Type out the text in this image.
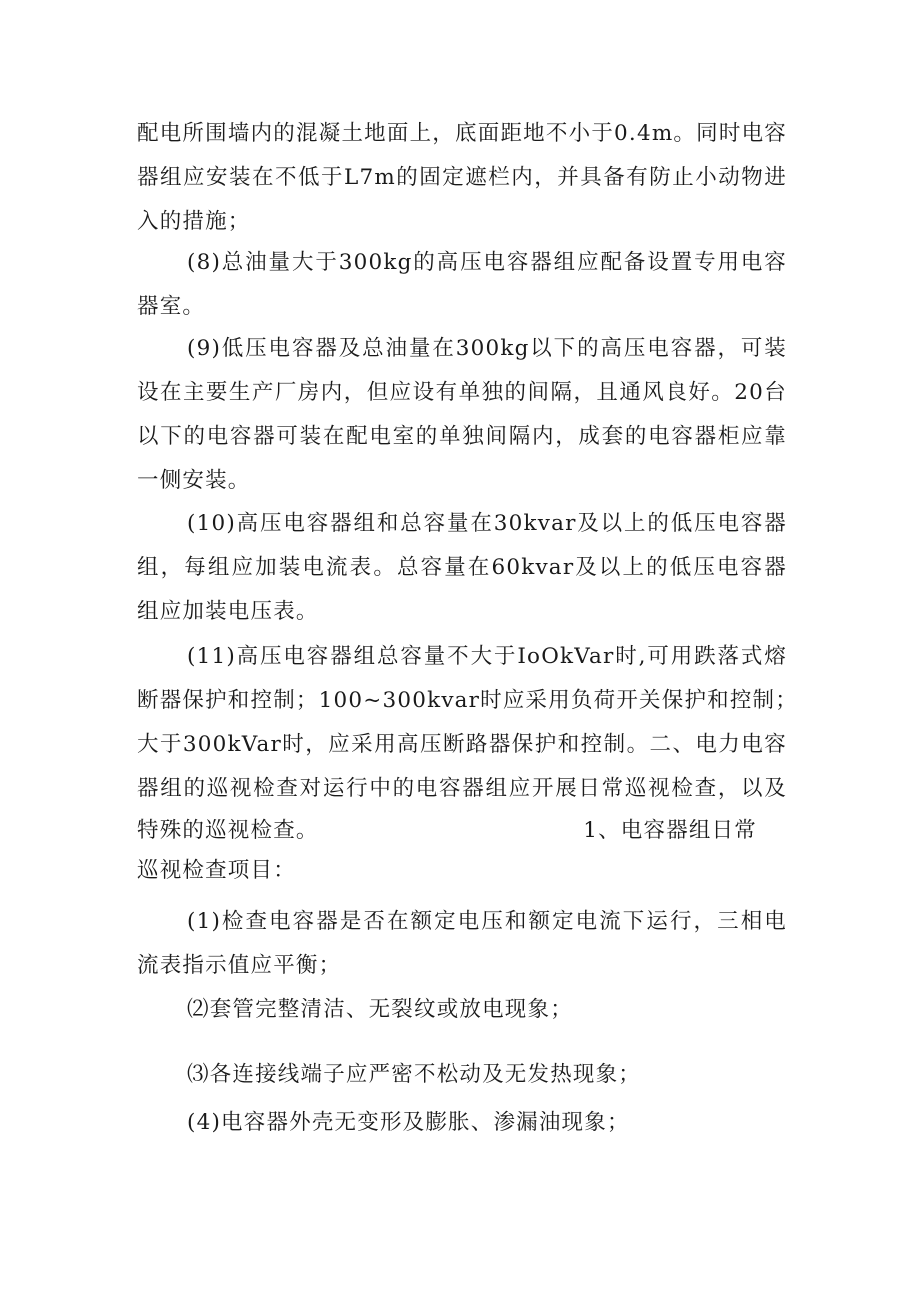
配电所围墙内的混凝土地面上，底面距地不小于0.4m。同时电容
器组应安装在不低于L7m的固定遮栏内，并具备有防止小动物进
入的措施；
(8)总油量大于300kg的高压电容器组应配备设置专用电容
器室。
(9)低压电容器及总油量在300kg以下的高压电容器，可装
设在主要生产厂房内，但应设有单独的间隔，且通风良好。20台
以下的电容器可装在配电室的单独间隔内，成套的电容器柜应靠
一侧安装。
(10)高压电容器组和总容量在30kvar及以上的低压电容器
组，每组应加装电流表。总容量在60kvar及以上的低压电容器
组应加装电压表。
(11)高压电容器组总容量不大于IoOkVar时,可用跌落式熔
断器保护和控制；100~300kvar时应采用负荷开关保护和控制；
大于300kVar时，应采用高压断路器保护和控制。二、电力电容
器组的巡视检查对运行中的电容器组应开展日常巡视检查，以及
特殊的巡视检查。	1、电容器组日常
巡视检查项目：
(1)检查电容器是否在额定电压和额定电流下运行，三相电
流表指示值应平衡；
⑵套管完整清洁、无裂纹或放电现象；
⑶各连接线端子应严密不松动及无发热现象；
(4)电容器外壳无变形及膨胀、渗漏油现象；
